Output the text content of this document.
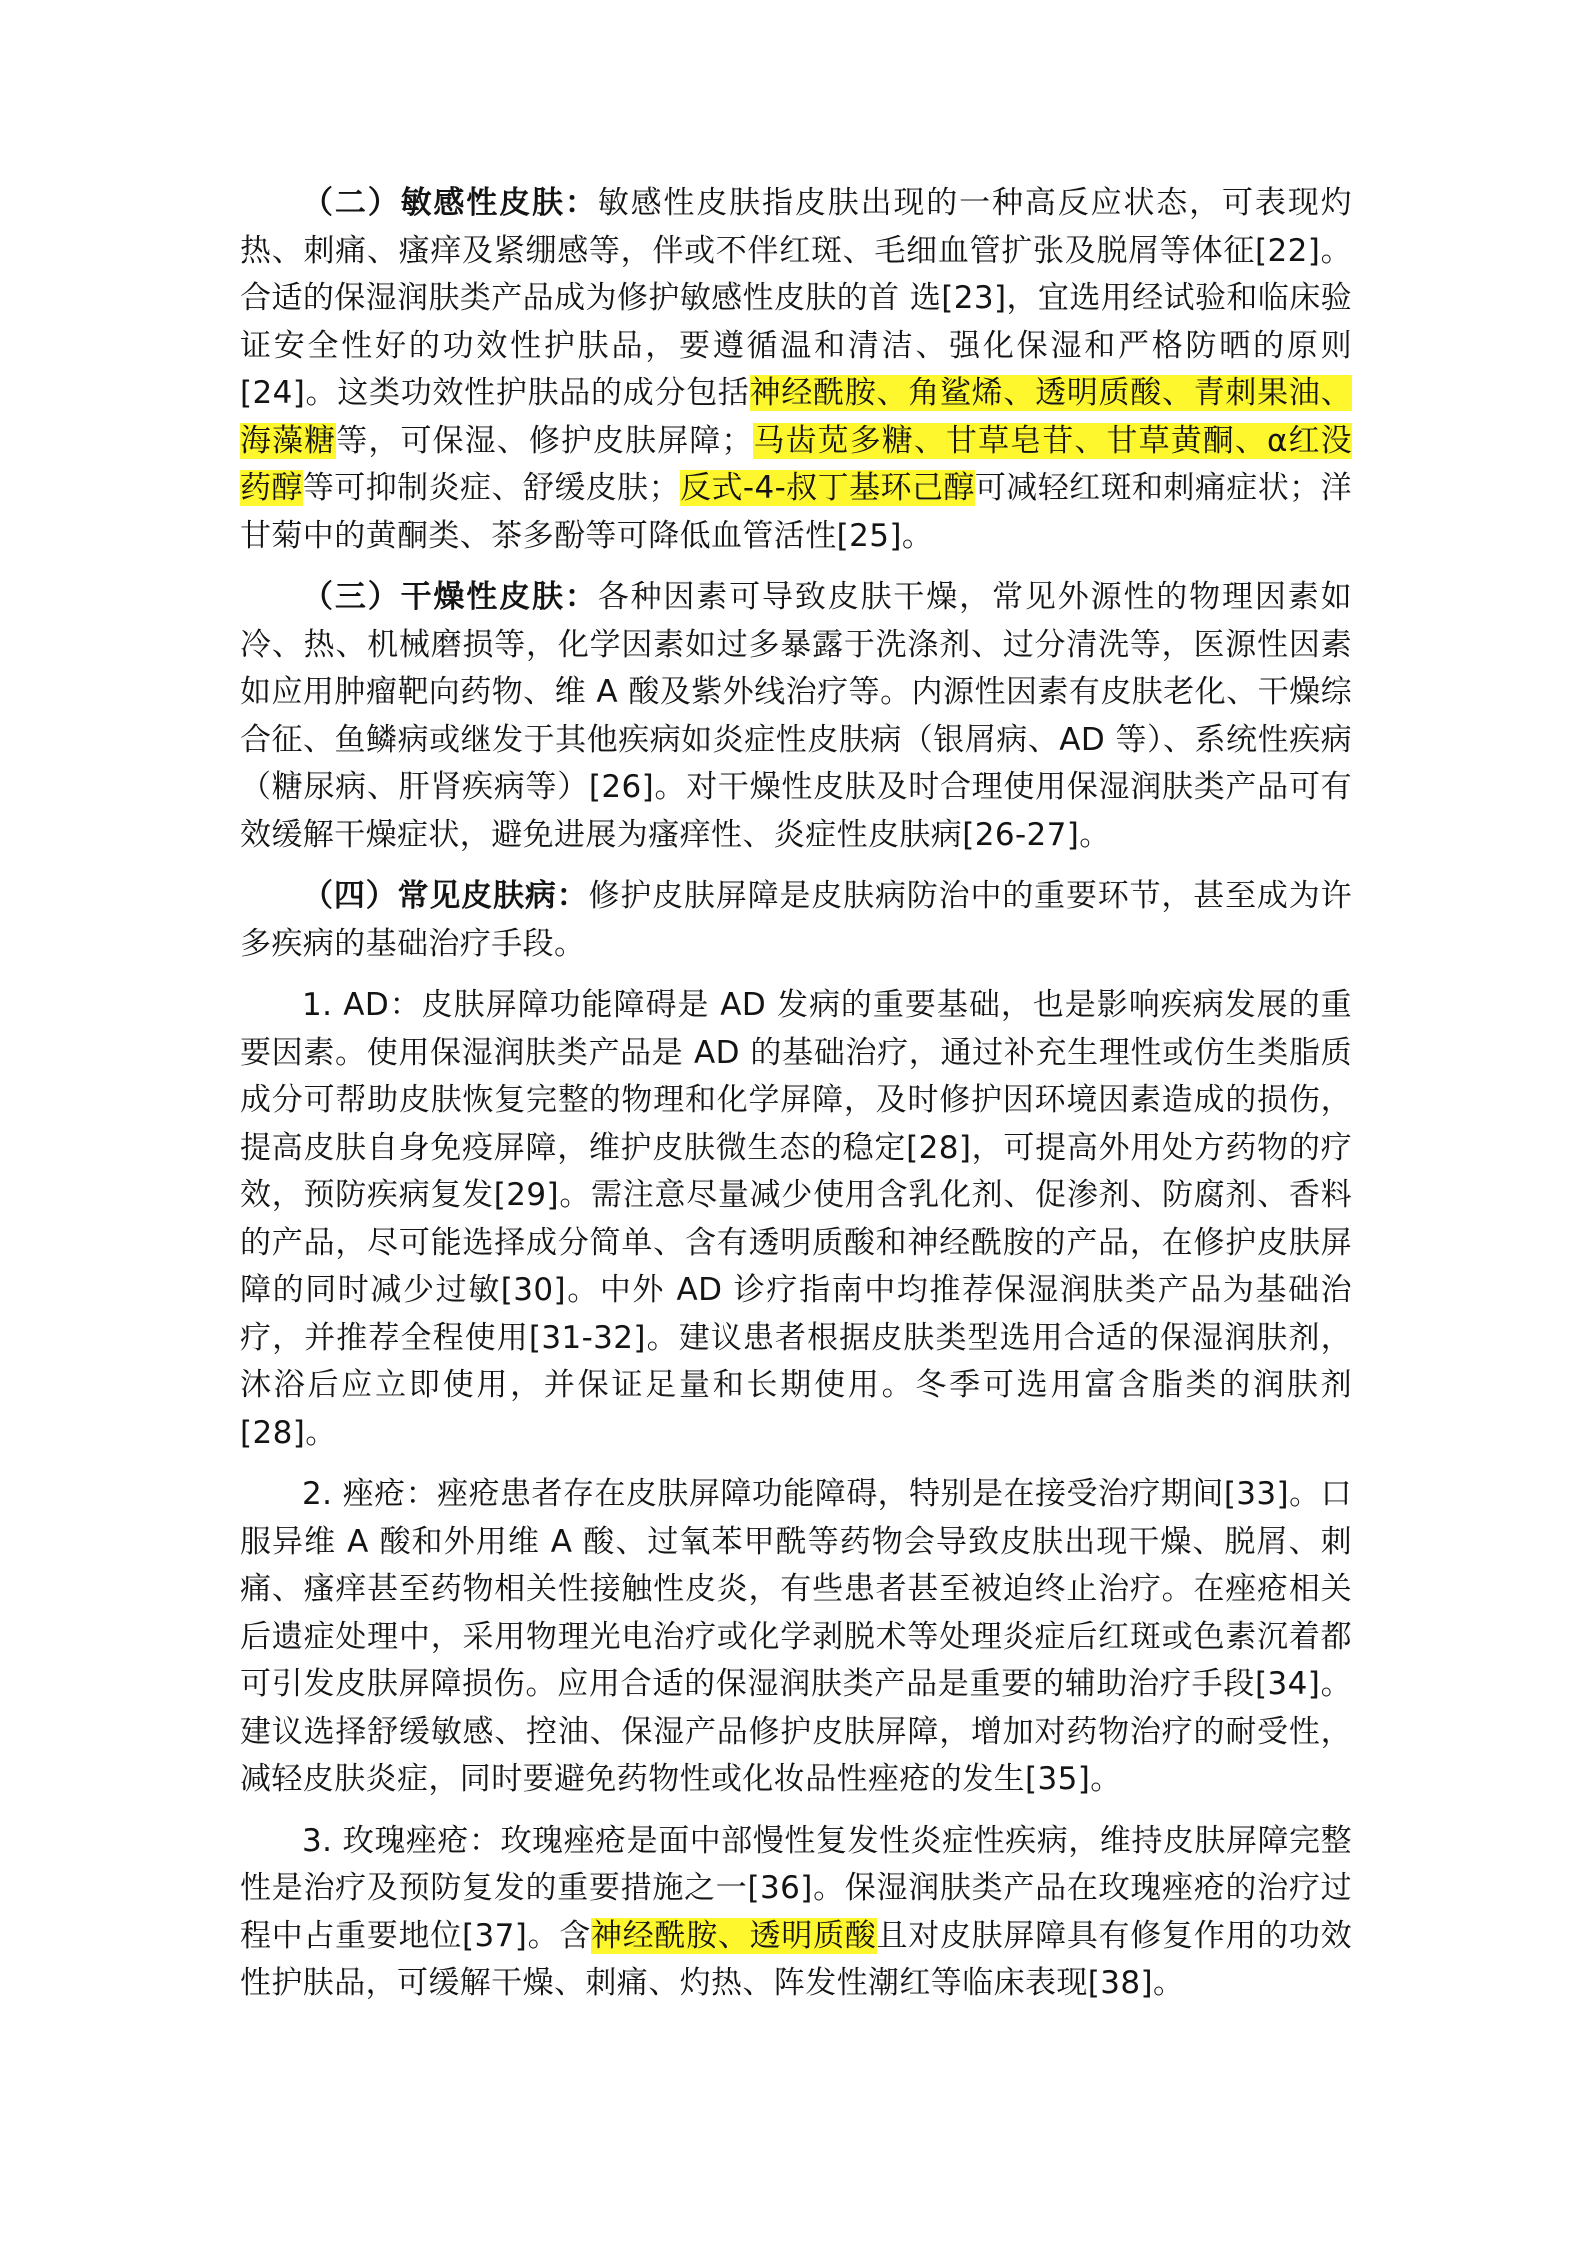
（二）敏感性皮肤：敏感性皮肤指皮肤出现的一种高反应状态，可表现灼热、刺痛、瘙痒及紧绷感等，伴或不伴红斑、毛细血管扩张及脱屑等体征[22]。合适的保湿润肤类产品成为修护敏感性皮肤的首 选[23]，宜选用经试验和临床验证安全性好的功效性护肤品，要遵循温和清洁、强化保湿和严格防晒的原则[24]。这类功效性护肤品的成分包括神经酰胺、角鲨烯、透明质酸、青刺果油、海藻糖等，可保湿、修护皮肤屏障；马齿苋多糖、甘草皂苷、甘草黄酮、α红没药醇等可抑制炎症、舒缓皮肤；反式-4-叔丁基环己醇可减轻红斑和刺痛症状；洋甘菊中的黄酮类、茶多酚等可降低血管活性[25]。

（三）干燥性皮肤：各种因素可导致皮肤干燥，常见外源性的物理因素如冷、热、机械磨损等，化学因素如过多暴露于洗涤剂、过分清洗等，医源性因素如应用肿瘤靶向药物、维 A 酸及紫外线治疗等。内源性因素有皮肤老化、干燥综合征、鱼鳞病或继发于其他疾病如炎症性皮肤病（银屑病、AD 等）、系统性疾病（糖尿病、肝肾疾病等）[26]。对干燥性皮肤及时合理使用保湿润肤类产品可有效缓解干燥症状，避免进展为瘙痒性、炎症性皮肤病[26-27]。

（四）常见皮肤病：修护皮肤屏障是皮肤病防治中的重要环节，甚至成为许多疾病的基础治疗手段。

1. AD：皮肤屏障功能障碍是 AD 发病的重要基础，也是影响疾病发展的重要因素。使用保湿润肤类产品是 AD 的基础治疗，通过补充生理性或仿生类脂质成分可帮助皮肤恢复完整的物理和化学屏障，及时修护因环境因素造成的损伤，提高皮肤自身免疫屏障，维护皮肤微生态的稳定[28]，可提高外用处方药物的疗效，预防疾病复发[29]。需注意尽量减少使用含乳化剂、促渗剂、防腐剂、香料的产品，尽可能选择成分简单、含有透明质酸和神经酰胺的产品，在修护皮肤屏障的同时减少过敏[30]。中外 AD 诊疗指南中均推荐保湿润肤类产品为基础治疗，并推荐全程使用[31-32]。建议患者根据皮肤类型选用合适的保湿润肤剂，沐浴后应立即使用，并保证足量和长期使用。冬季可选用富含脂类的润肤剂[28]。

2. 痤疮：痤疮患者存在皮肤屏障功能障碍，特别是在接受治疗期间[33]。口服异维 A 酸和外用维 A 酸、过氧苯甲酰等药物会导致皮肤出现干燥、脱屑、刺痛、瘙痒甚至药物相关性接触性皮炎，有些患者甚至被迫终止治疗。在痤疮相关后遗症处理中，采用物理光电治疗或化学剥脱术等处理炎症后红斑或色素沉着都可引发皮肤屏障损伤。应用合适的保湿润肤类产品是重要的辅助治疗手段[34]。建议选择舒缓敏感、控油、保湿产品修护皮肤屏障，增加对药物治疗的耐受性，减轻皮肤炎症，同时要避免药物性或化妆品性痤疮的发生[35]。

3. 玫瑰痤疮：玫瑰痤疮是面中部慢性复发性炎症性疾病，维持皮肤屏障完整性是治疗及预防复发的重要措施之一[36]。保湿润肤类产品在玫瑰痤疮的治疗过程中占重要地位[37]。含神经酰胺、透明质酸且对皮肤屏障具有修复作用的功效性护肤品，可缓解干燥、刺痛、灼热、阵发性潮红等临床表现[38]。
